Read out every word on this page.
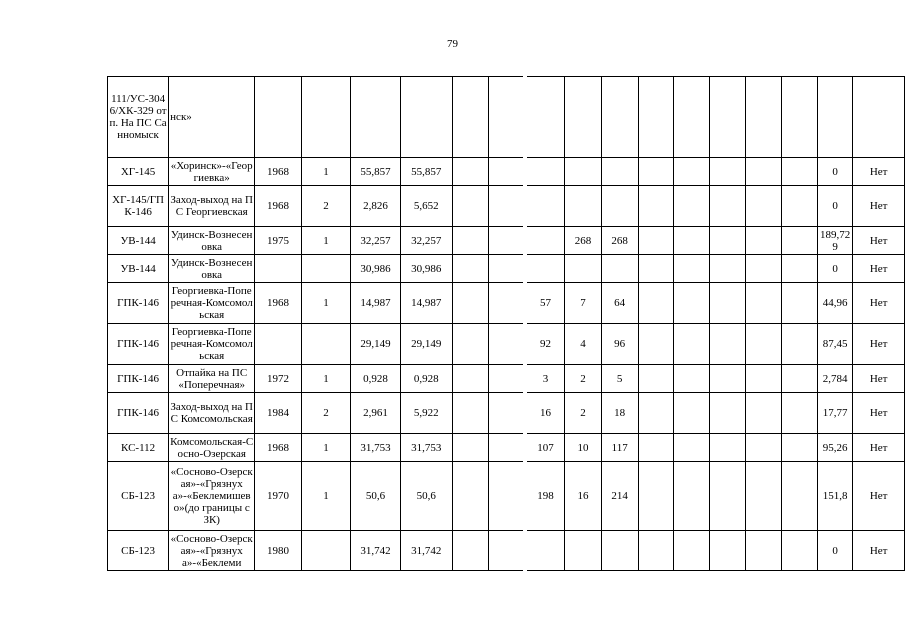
79
111/УС-3046/ХК-329 отп. На ПС Санномыск	нск»																	
ХГ-145	«Хоринск»-«Георгиевка»	1968	1	55,857	55,857												0	Нет
ХГ-145/ГПК-146	Заход-выход на ПС Георгиевская	1968	2	2,826	5,652												0	Нет
УВ-144	Удинск-Вознесеновка	1975	1	32,257	32,257					268	268						189,729	Нет
УВ-144	Удинск-Вознесеновка			30,986	30,986												0	Нет
ГПК-146	Георгиевка-Поперечная-Комсомольская	1968	1	14,987	14,987				57	7	64						44,96	Нет
ГПК-146	Георгиевка-Поперечная-Комсомольская			29,149	29,149				92	4	96						87,45	Нет
ГПК-146	Отпайка на ПС «Поперечная»	1972	1	0,928	0,928				3	2	5						2,784	Нет
ГПК-146	Заход-выход на ПС Комсомольская	1984	2	2,961	5,922				16	2	18						17,77	Нет
КС-112	Комсомольская-Сосно-Озерская	1968	1	31,753	31,753				107	10	117						95,26	Нет
СБ-123	«Сосново-Озерская»-«Грязнуха»-«Беклемишево»(до границы с ЗК)	1970	1	50,6	50,6				198	16	214						151,8	Нет
СБ-123	«Сосново-Озерская»-«Грязнуха»-«Беклеми	1980		31,742	31,742												0	Нет
